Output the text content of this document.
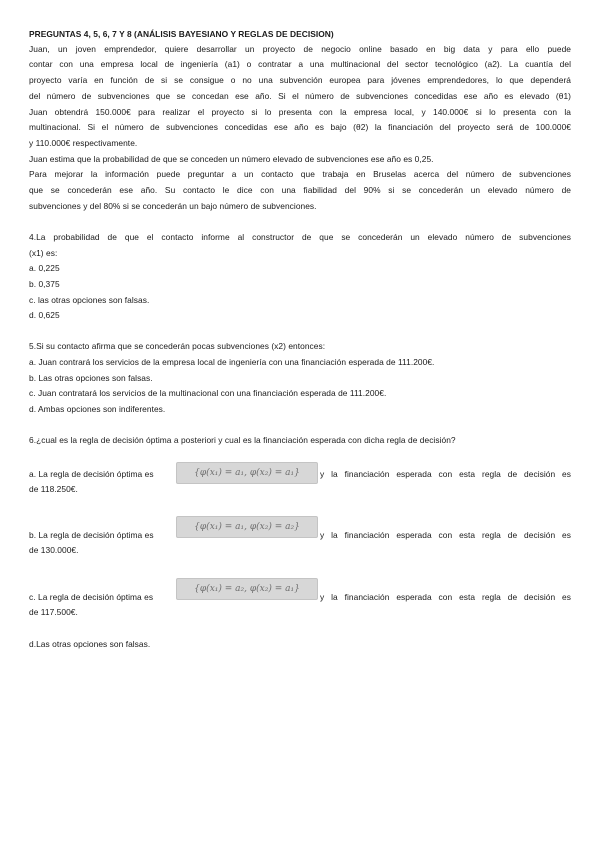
PREGUNTAS 4, 5, 6, 7 Y 8 (ANÁLISIS BAYESIANO Y REGLAS DE DECISION)
Juan, un joven emprendedor, quiere desarrollar un proyecto de negocio online basado en big data y para ello puede
contar con una empresa local de ingeniería (a1) o contratar a una multinacional del sector tecnológico (a2). La cuantía del
proyecto varía en función de si se consigue o no una subvención europea para jóvenes emprendedores, lo que dependerá
del número de subvenciones que se concedan ese año. Si el número de subvenciones concedidas ese año es elevado (θ1)
Juan obtendrá 150.000€ para realizar el proyecto si lo presenta con la empresa local, y 140.000€ si lo presenta con la
multinacional. Si el número de subvenciones concedidas ese año es bajo (θ2) la financiación del proyecto será de 100.000€
y 110.000€ respectivamente.
Juan estima que la probabilidad de que se conceden un número elevado de subvenciones ese año es 0,25.
Para mejorar la información puede preguntar a un contacto que trabaja en Bruselas acerca del número de subvenciones
que se concederán ese año. Su contacto le dice con una fiabilidad del 90% si se concederán un elevado número de
subvenciones y del 80% si se concederán un bajo número de subvenciones.
4.La probabilidad de que el contacto informe al constructor de que se concederán un elevado número de subvenciones
(x1) es:
a. 0,225
b. 0,375
c. las otras opciones son falsas.
d. 0,625
5.Si su contacto afirma que se concederán pocas subvenciones (x2) entonces:
a. Juan contrará los servicios de la empresa local de ingeniería con una financiación esperada de 111.200€.
b. Las otras opciones son falsas.
c. Juan contratará los servicios de la multinacional con una financiación esperada de 111.200€.
d. Ambas opciones son indiferentes.
6.¿cual es la regla de decisión óptima a posteriori y cual es la financiación esperada con dicha regla de decisión?
a. La regla de decisión óptima es	{φ(x₁) = a₁, φ(x₂) = a₁}	y la financiación esperada con esta regla de decisión es
de 118.250€.
b. La regla de decisión óptima es
{φ(x₁) = a₁, φ(x₂) = a₂}
y la financiación esperada con esta regla de decisión es
de 130.000€.
c. La regla de decisión óptima es
{φ(x₁) = a₂, φ(x₂) = a₁}
y la financiación esperada con esta regla de decisión es
de 117.500€.
d.Las otras opciones son falsas.
